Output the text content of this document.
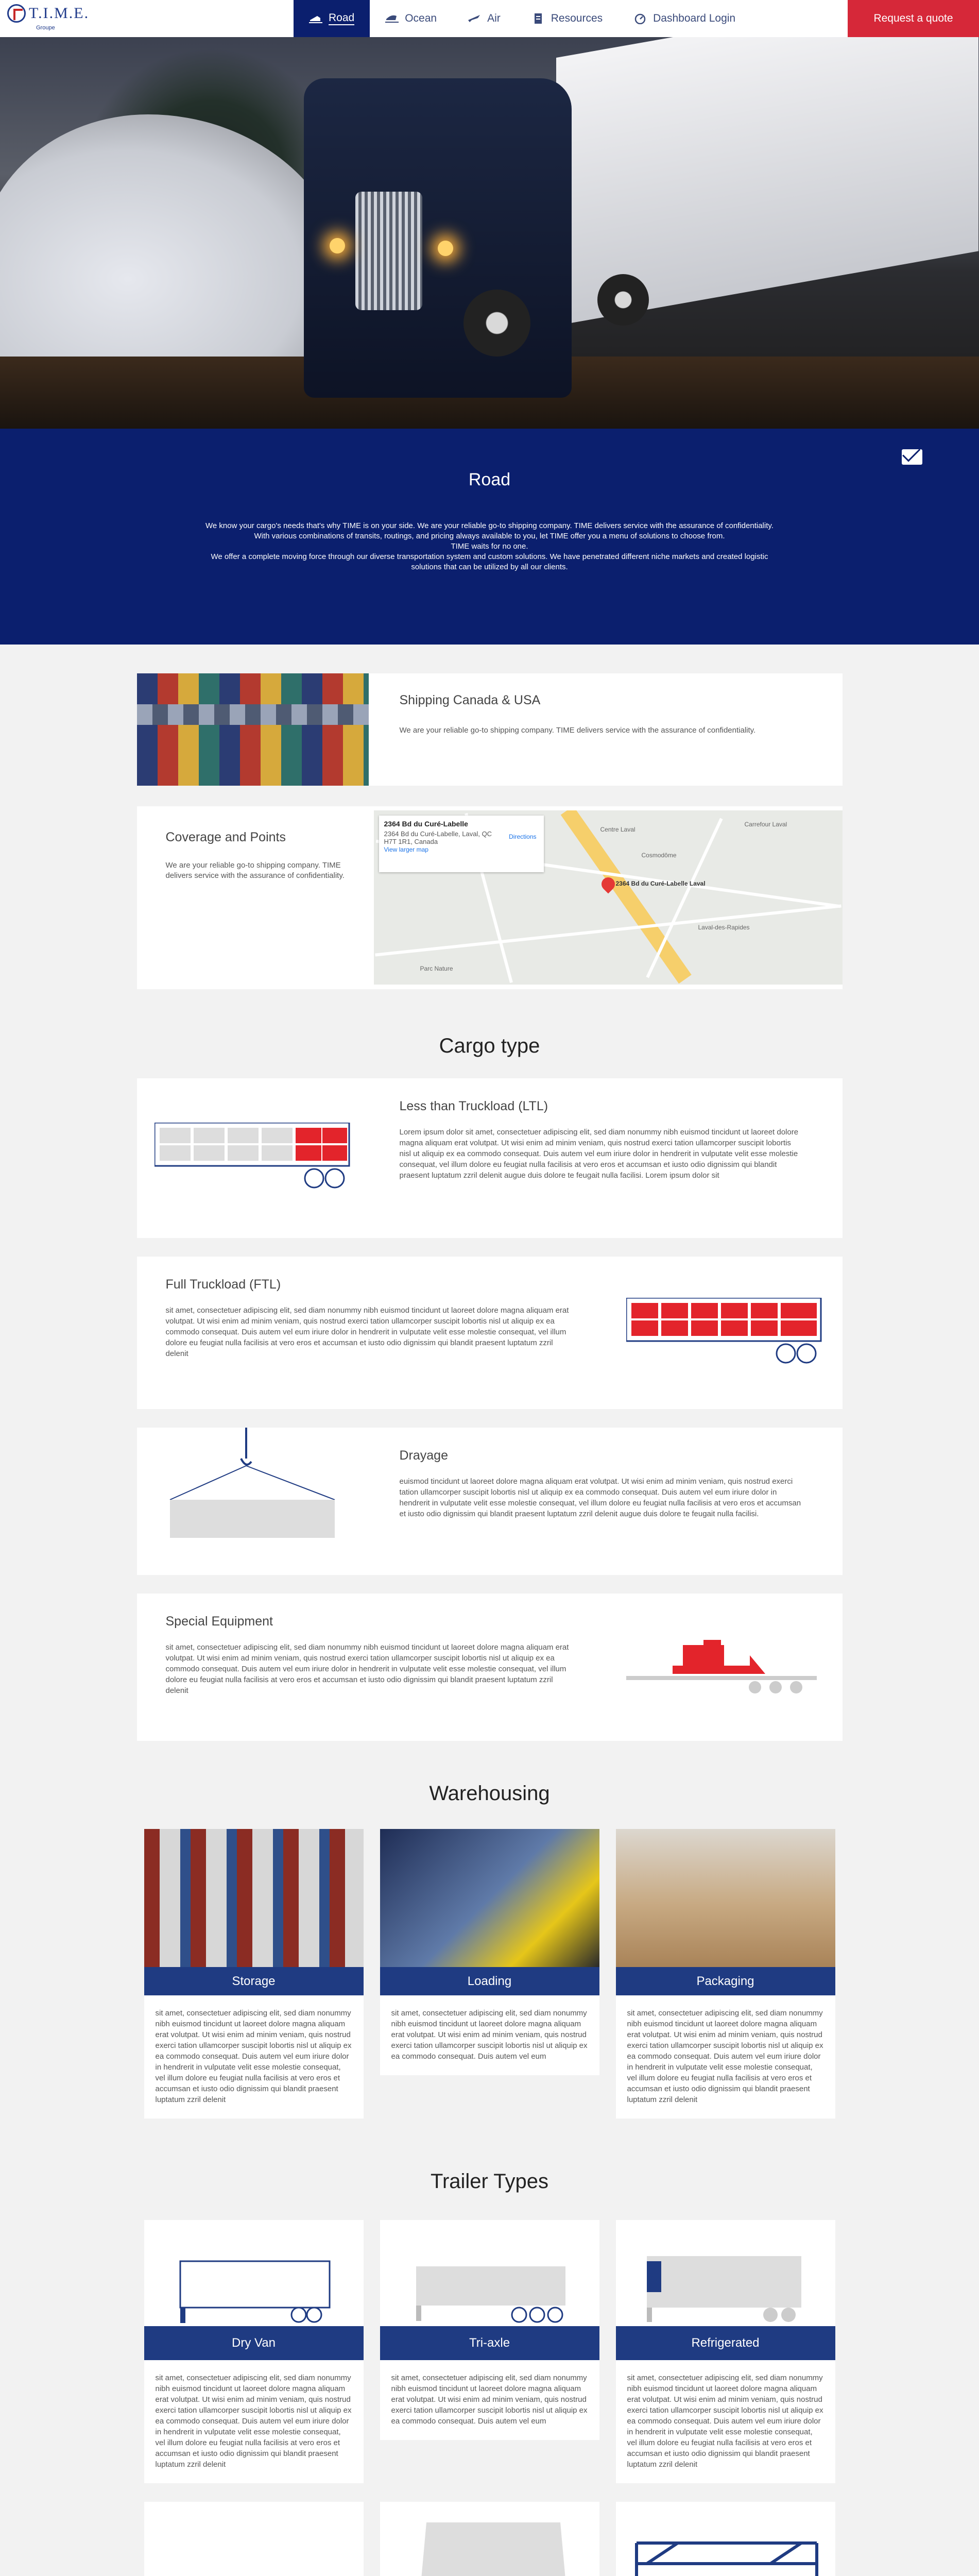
T.I.M.E.
Groupe
Road	Ocean	Air	Resources	Dashboard Login	Request a quote
Road

We know your cargo's needs that's why TIME is on your side. We are your reliable go-to shipping company. TIME delivers service with the assurance of confidentiality. With various combinations of transits, routings, and pricing always available to you, let TIME offer you a menu of solutions to choose from.

TIME waits for no one.

We offer a complete moving force through our diverse transportation system and custom solutions. We have penetrated different niche markets and created logistic solutions that can be utilized by all our clients.

Shipping Canada & USA

We are your reliable go-to shipping company. TIME delivers service with the assurance of confidentiality.

Coverage and Points

We are your reliable go-to shipping company. TIME delivers service with the assurance of confidentiality.

2364 Bd du Curé-Labelle Laval
Centre Laval
Carrefour Laval
Laval-des-Rapides
Cosmodôme
Parc Nature
2364 Bd du Curé-Labelle
2364 Bd du Curé-Labelle, Laval, QC H7T 1R1, Canada
View larger map
Directions
Cargo type
Less than Truckload (LTL)

Lorem ipsum dolor sit amet, consectetuer adipiscing elit, sed diam nonummy nibh euismod tincidunt ut laoreet dolore magna aliquam erat volutpat. Ut wisi enim ad minim veniam, quis nostrud exerci tation ullamcorper suscipit lobortis nisl ut aliquip ex ea commodo consequat. Duis autem vel eum iriure dolor in hendrerit in vulputate velit esse molestie consequat, vel illum dolore eu feugiat nulla facilisis at vero eros et accumsan et iusto odio dignissim qui blandit praesent luptatum zzril delenit augue duis dolore te feugait nulla facilisi. Lorem ipsum dolor sit

Full Truckload (FTL)

sit amet, consectetuer adipiscing elit, sed diam nonummy nibh euismod tincidunt ut laoreet dolore magna aliquam erat volutpat. Ut wisi enim ad minim veniam, quis nostrud exerci tation ullamcorper suscipit lobortis nisl ut aliquip ex ea commodo consequat. Duis autem vel eum iriure dolor in hendrerit in vulputate velit esse molestie consequat, vel illum dolore eu feugiat nulla facilisis at vero eros et accumsan et iusto odio dignissim qui blandit praesent luptatum zzril delenit

Drayage

euismod tincidunt ut laoreet dolore magna aliquam erat volutpat. Ut wisi enim ad minim veniam, quis nostrud exerci tation ullamcorper suscipit lobortis nisl ut aliquip ex ea commodo consequat. Duis autem vel eum iriure dolor in hendrerit in vulputate velit esse molestie consequat, vel illum dolore eu feugiat nulla facilisis at vero eros et accumsan et iusto odio dignissim qui blandit praesent luptatum zzril delenit augue duis dolore te feugait nulla facilisi.

Special Equipment

sit amet, consectetuer adipiscing elit, sed diam nonummy nibh euismod tincidunt ut laoreet dolore magna aliquam erat volutpat. Ut wisi enim ad minim veniam, quis nostrud exerci tation ullamcorper suscipit lobortis nisl ut aliquip ex ea commodo consequat. Duis autem vel eum iriure dolor in hendrerit in vulputate velit esse molestie consequat, vel illum dolore eu feugiat nulla facilisis at vero eros et accumsan et iusto odio dignissim qui blandit praesent luptatum zzril delenit

Warehousing
Storage

sit amet, consectetuer adipiscing elit, sed diam nonummy nibh euismod tincidunt ut laoreet dolore magna aliquam erat volutpat. Ut wisi enim ad minim veniam, quis nostrud exerci tation ullamcorper suscipit lobortis nisl ut aliquip ex ea commodo consequat. Duis autem vel eum iriure dolor in hendrerit in vulputate velit esse molestie consequat, vel illum dolore eu feugiat nulla facilisis at vero eros et accumsan et iusto odio dignissim qui blandit praesent luptatum zzril delenit

Loading

sit amet, consectetuer adipiscing elit, sed diam nonummy nibh euismod tincidunt ut laoreet dolore magna aliquam erat volutpat. Ut wisi enim ad minim veniam, quis nostrud exerci tation ullamcorper suscipit lobortis nisl ut aliquip ex ea commodo consequat. Duis autem vel eum

Packaging

sit amet, consectetuer adipiscing elit, sed diam nonummy nibh euismod tincidunt ut laoreet dolore magna aliquam erat volutpat. Ut wisi enim ad minim veniam, quis nostrud exerci tation ullamcorper suscipit lobortis nisl ut aliquip ex ea commodo consequat. Duis autem vel eum iriure dolor in hendrerit in vulputate velit esse molestie consequat, vel illum dolore eu feugiat nulla facilisis at vero eros et accumsan et iusto odio dignissim qui blandit praesent luptatum zzril delenit

Trailer Types
Dry Van

sit amet, consectetuer adipiscing elit, sed diam nonummy nibh euismod tincidunt ut laoreet dolore magna aliquam erat volutpat. Ut wisi enim ad minim veniam, quis nostrud exerci tation ullamcorper suscipit lobortis nisl ut aliquip ex ea commodo consequat. Duis autem vel eum iriure dolor in hendrerit in vulputate velit esse molestie consequat, vel illum dolore eu feugiat nulla facilisis at vero eros et accumsan et iusto odio dignissim qui blandit praesent luptatum zzril delenit

Tri-axle

sit amet, consectetuer adipiscing elit, sed diam nonummy nibh euismod tincidunt ut laoreet dolore magna aliquam erat volutpat. Ut wisi enim ad minim veniam, quis nostrud exerci tation ullamcorper suscipit lobortis nisl ut aliquip ex ea commodo consequat. Duis autem vel eum

Refrigerated

sit amet, consectetuer adipiscing elit, sed diam nonummy nibh euismod tincidunt ut laoreet dolore magna aliquam erat volutpat. Ut wisi enim ad minim veniam, quis nostrud exerci tation ullamcorper suscipit lobortis nisl ut aliquip ex ea commodo consequat. Duis autem vel eum iriure dolor in hendrerit in vulputate velit esse molestie consequat, vel illum dolore eu feugiat nulla facilisis at vero eros et accumsan et iusto odio dignissim qui blandit praesent luptatum zzril delenit
